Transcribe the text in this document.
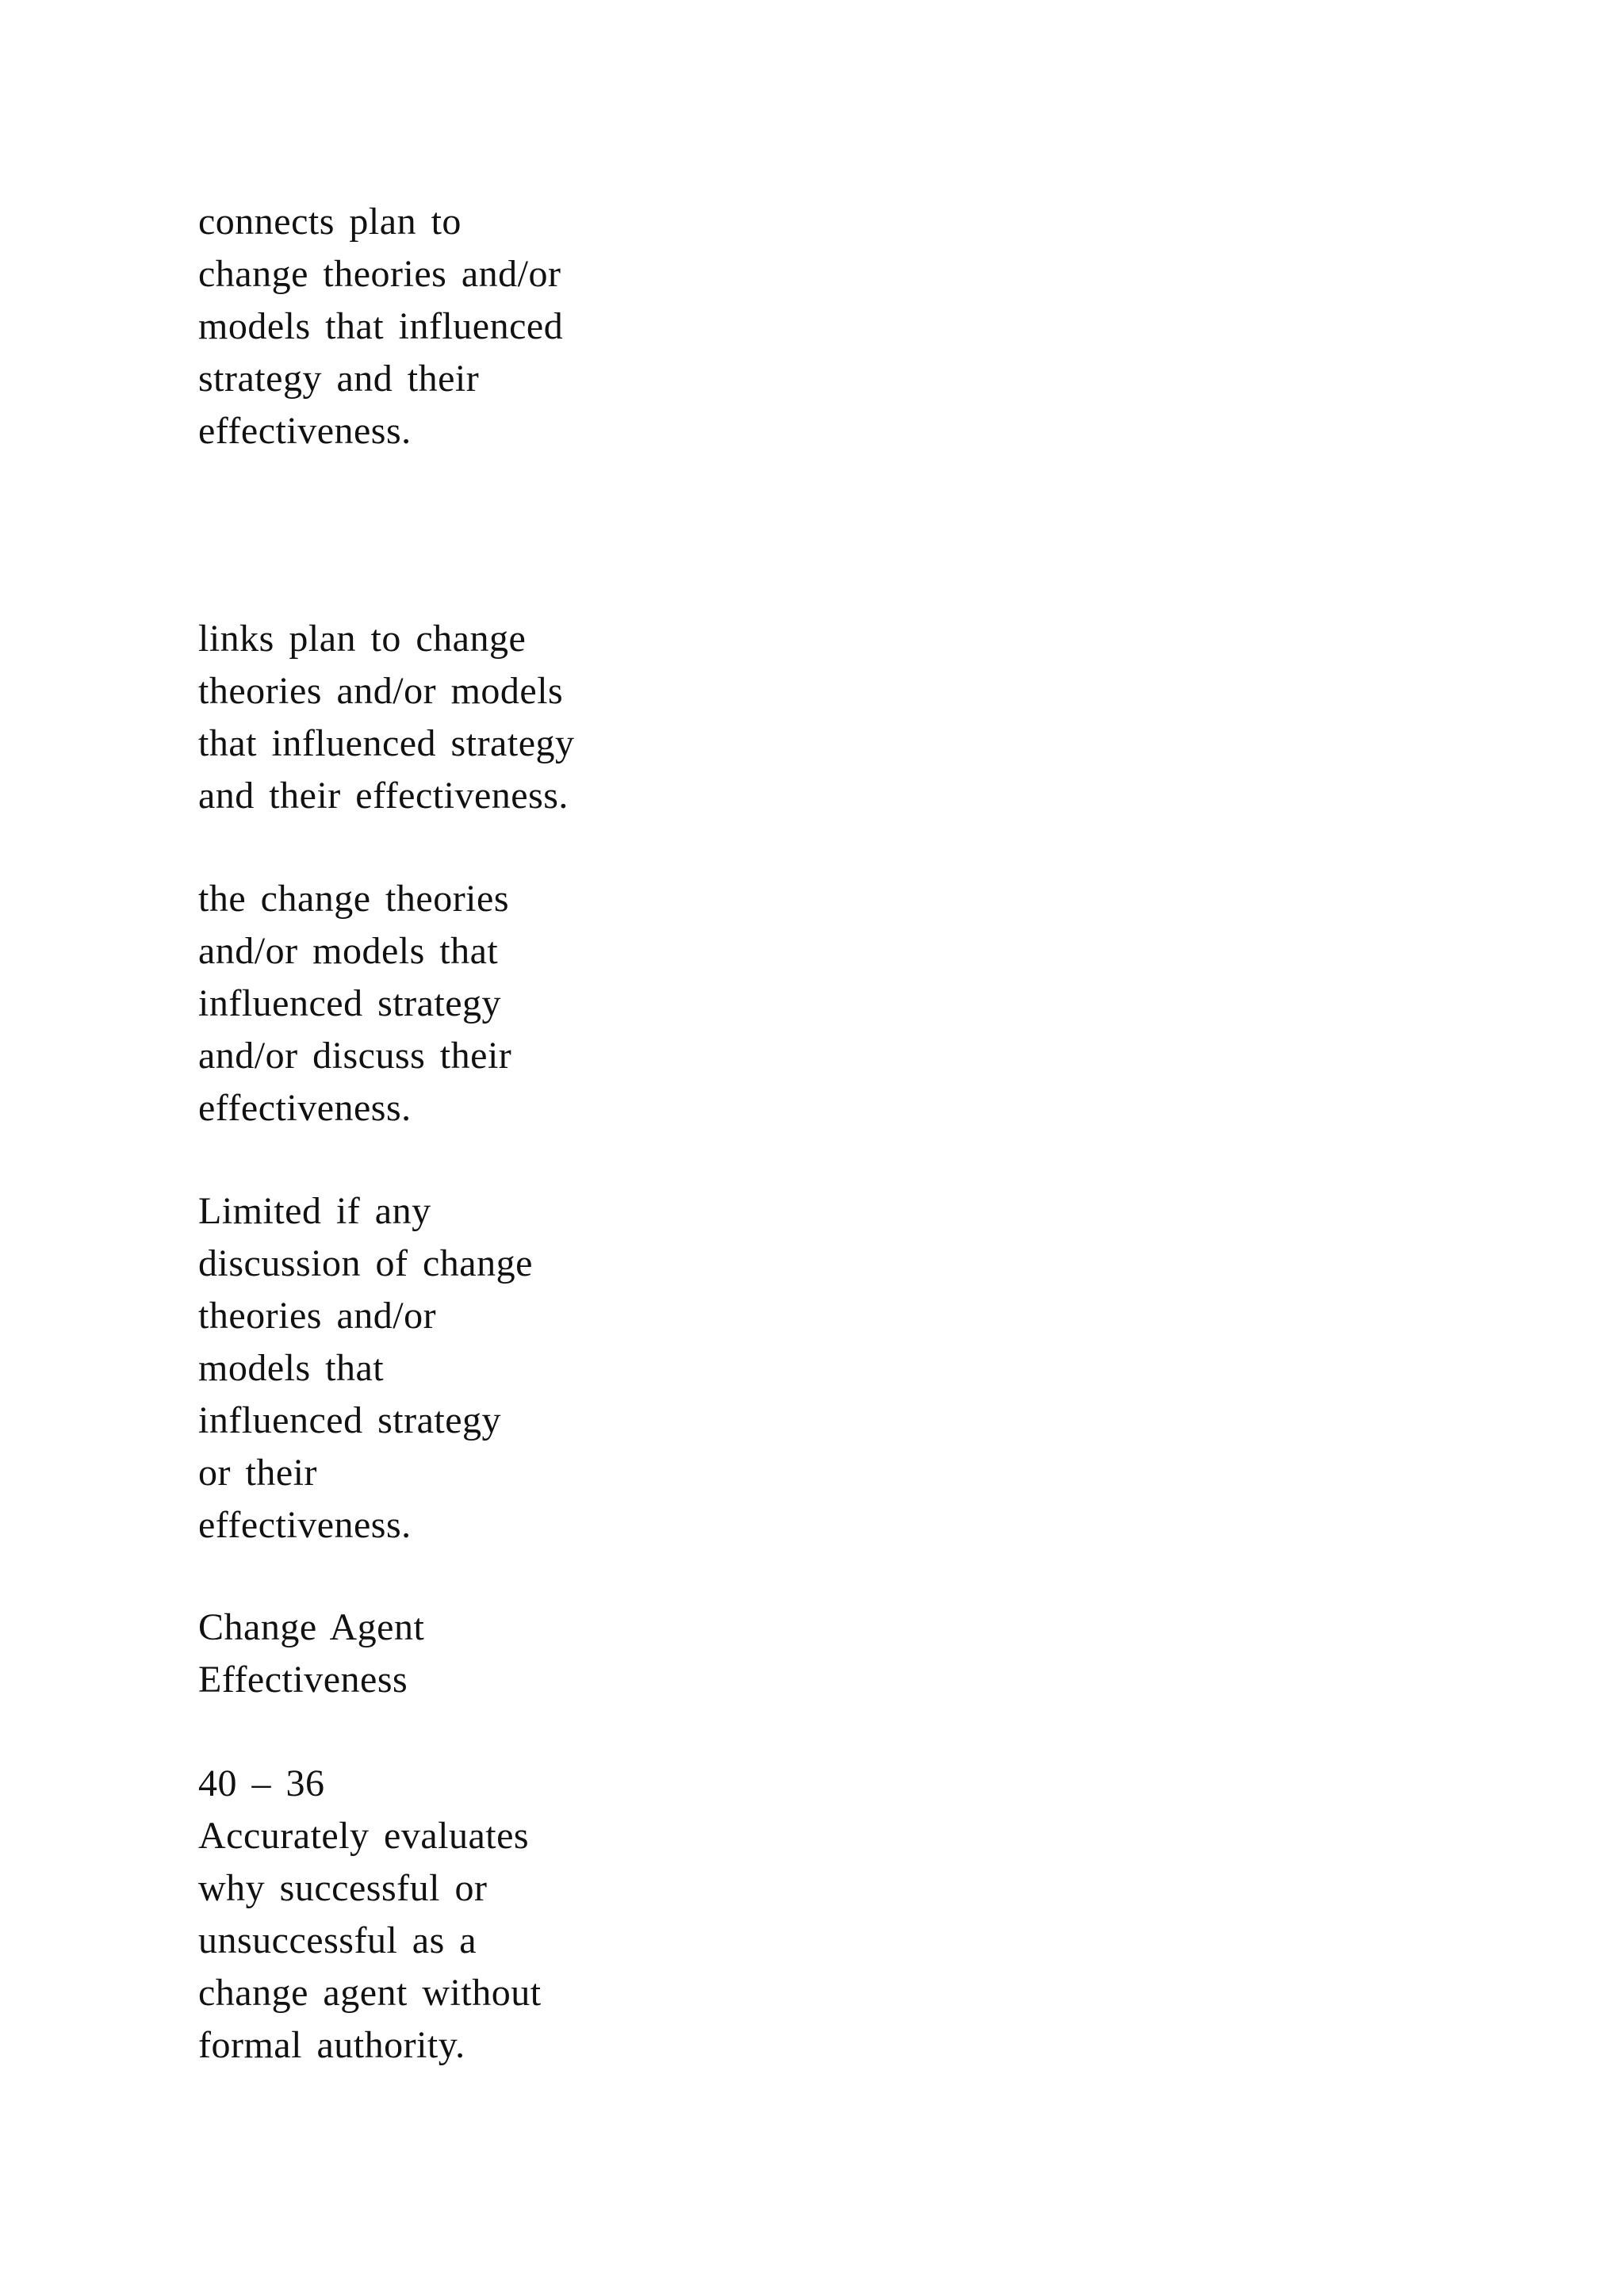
connects plan to
change theories and/or
models that influenced
strategy and their
effectiveness.
links plan to change
theories and/or models
that influenced strategy
and their effectiveness.
the change theories
and/or models that
influenced strategy
and/or discuss their
effectiveness.
Limited if any
discussion of change
theories and/or
models that
influenced strategy
or their
effectiveness.
Change Agent
Effectiveness
40 – 36
Accurately evaluates
why successful or
unsuccessful as a
change agent without
formal authority.
